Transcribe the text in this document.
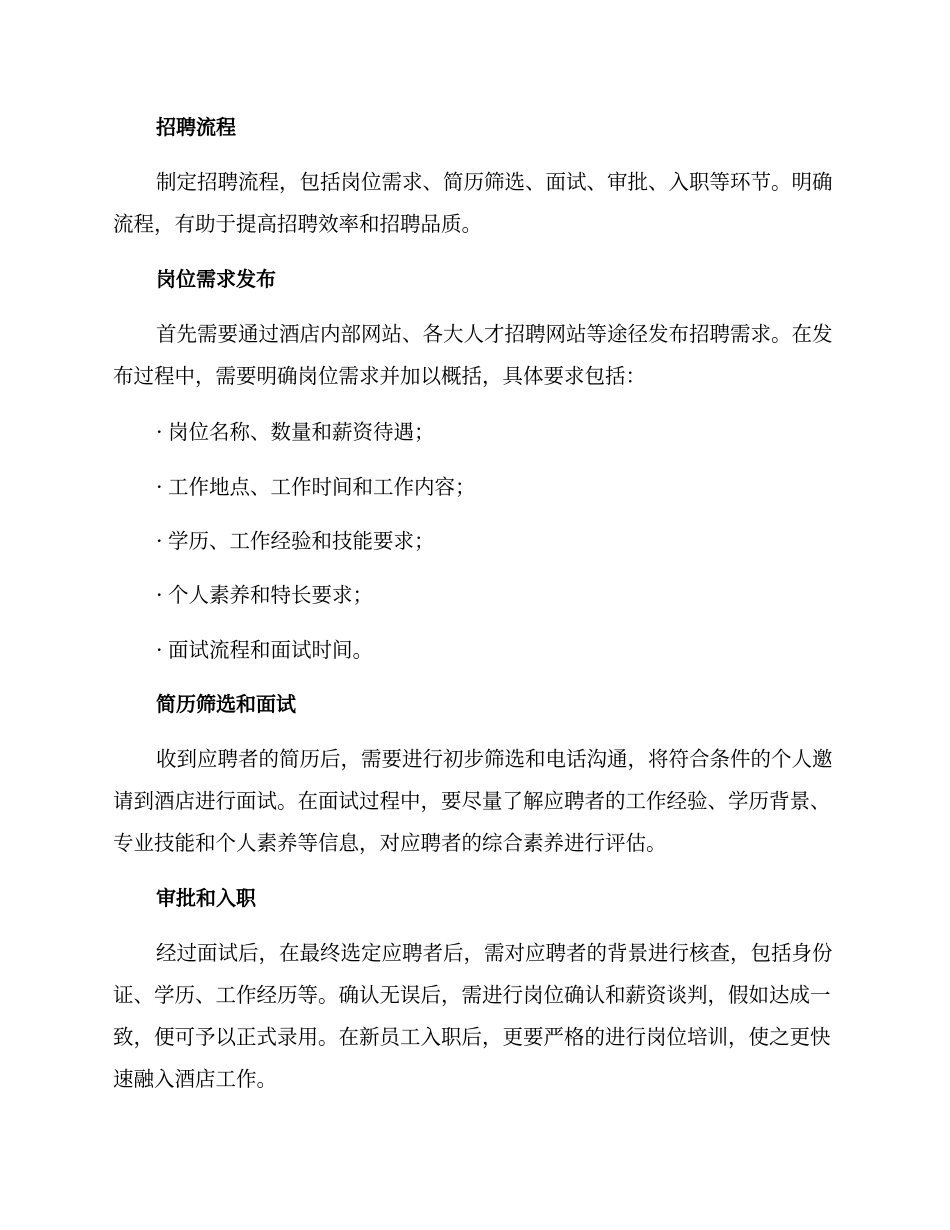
招聘流程

制定招聘流程，包括岗位需求、简历筛选、面试、审批、入职等环节。明确流程，有助于提高招聘效率和招聘品质。

岗位需求发布

首先需要通过酒店内部网站、各大人才招聘网站等途径发布招聘需求。在发布过程中，需要明确岗位需求并加以概括，具体要求包括：

· 岗位名称、数量和薪资待遇；
· 工作地点、工作时间和工作内容；
· 学历、工作经验和技能要求；
· 个人素养和特长要求；
· 面试流程和面试时间。
简历筛选和面试

收到应聘者的简历后，需要进行初步筛选和电话沟通，将符合条件的个人邀请到酒店进行面试。在面试过程中，要尽量了解应聘者的工作经验、学历背景、专业技能和个人素养等信息，对应聘者的综合素养进行评估。

审批和入职

经过面试后，在最终选定应聘者后，需对应聘者的背景进行核查，包括身份证、学历、工作经历等。确认无误后，需进行岗位确认和薪资谈判，假如达成一致，便可予以正式录用。在新员工入职后，更要严格的进行岗位培训，使之更快速融入酒店工作。
